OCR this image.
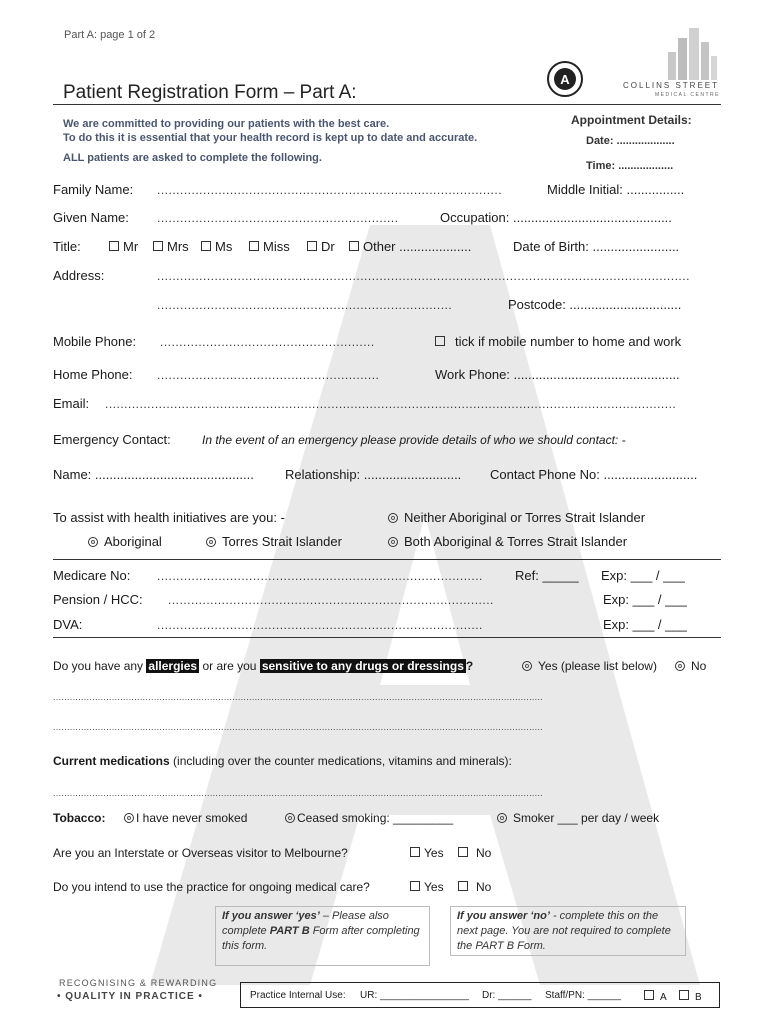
Part A: page 1 of 2
A	COLLINS STREET
MEDICAL CENTRE
Patient Registration Form – Part A:
We are committed to providing our patients with the best care.
To do this it is essential that your health record is kept up to date and accurate.
ALL patients are asked to complete the following.
Appointment Details:
Date: ...................
Time: ..................
Family Name: ..........................................................................................	Middle Initial: ................
Given Name: ...............................................................	Occupation: ............................................
Title:	Mr	Mrs	Ms	Miss	Dr	Other ....................	Date of Birth: ........................
Address:	...........................................................................................................................................
.............................................................................	Postcode: ...............................
Mobile Phone: ........................................................	tick if mobile number to home and work
Home Phone: ..........................................................	Work Phone: ..............................................
Email: .....................................................................................................................................................
Emergency Contact:	In the event of an emergency please provide details of who we should contact: -
Name: ............................................ Relationship: ........................... Contact Phone No: ..........................
To assist with health initiatives are you: -	Neither Aboriginal or Torres Strait Islander
Aboriginal	Torres Strait Islander	Both Aboriginal & Torres Strait Islander
Medicare No: ..................................................................................... Ref: _____ Exp: ___ / ___
Pension / HCC: .....................................................................................	Exp: ___ / ___
DVA:	.....................................................................................	Exp: ___ / ___
Do you have any allergies or are you sensitive to any drugs or dressings ?	Yes (please list below)	No
...............................................................................................................................................................................
...............................................................................................................................................................................
Current medications (including over the counter medications, vitamins and minerals):
...............................................................................................................................................................................
Tobacco:	I have never smoked	Ceased smoking: _________	Smoker ___ per day / week
Are you an Interstate or Overseas visitor to Melbourne?	Yes	No
Do you intend to use the practice for ongoing medical care?	Yes	No
If you answer ‘yes’ – Please also complete PART B Form after completing this form.
If you answer ‘no’ - complete this on the next page. You are not required to complete the PART B Form.
RECOGNISING & REWARDING
• QUALITY IN PRACTICE •	Practice Internal Use: UR: ________________ Dr: ______ Staff/PN: ______	A	B
